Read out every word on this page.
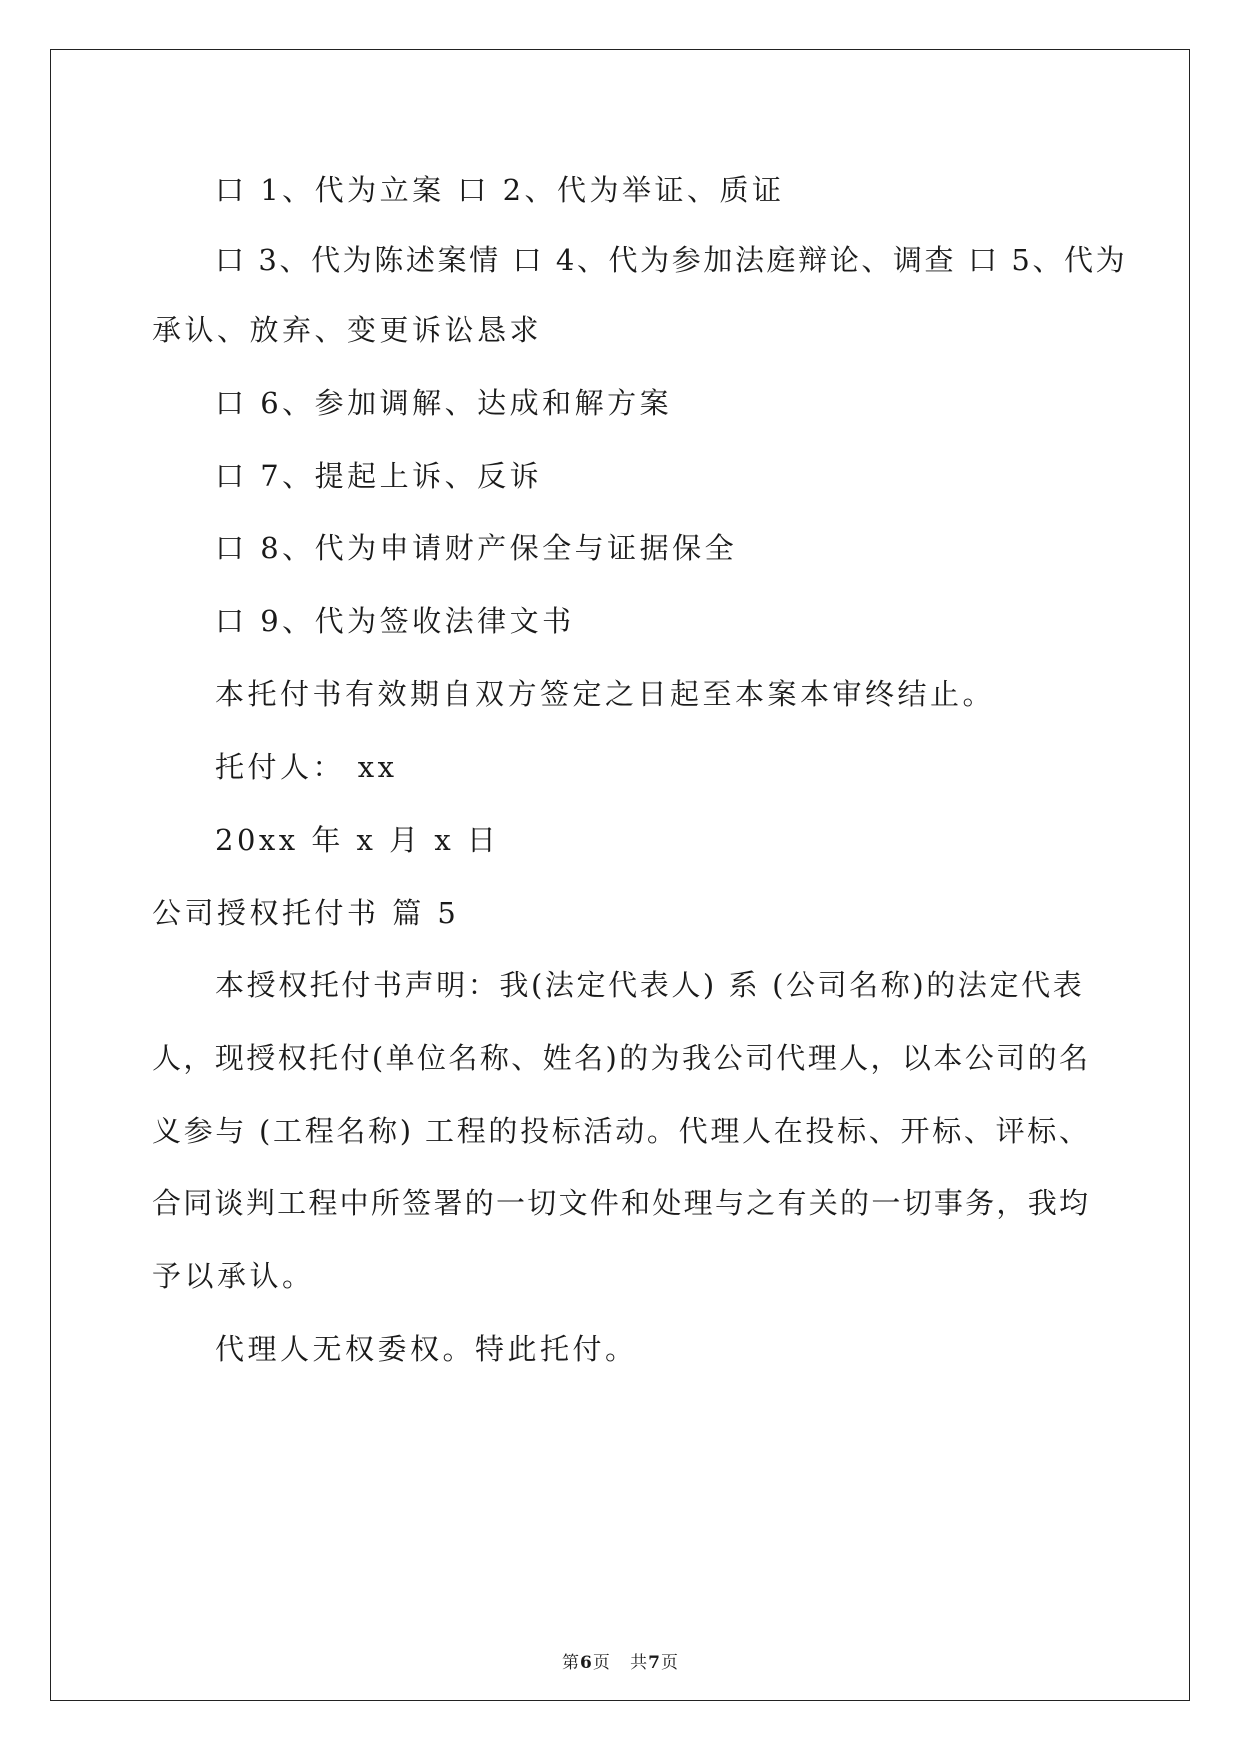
口 1、代为立案 口 2、代为举证、质证
口 3、代为陈述案情 口 4、代为参加法庭辩论、调查 口 5、代为
承认、放弃、变更诉讼恳求
口 6、参加调解、达成和解方案
口 7、提起上诉、反诉
口 8、代为申请财产保全与证据保全
口 9、代为签收法律文书
本托付书有效期自双方签定之日起至本案本审终结止。
托付人： xx
20xx 年 x 月 x 日
公司授权托付书 篇 5
本授权托付书声明：我(法定代表人) 系 (公司名称)的法定代表
人，现授权托付(单位名称、姓名)的为我公司代理人，以本公司的名
义参与 (工程名称) 工程的投标活动。代理人在投标、开标、评标、
合同谈判工程中所签署的一切文件和处理与之有关的一切事务，我均
予以承认。
代理人无权委权。特此托付。
第6页   共7页
